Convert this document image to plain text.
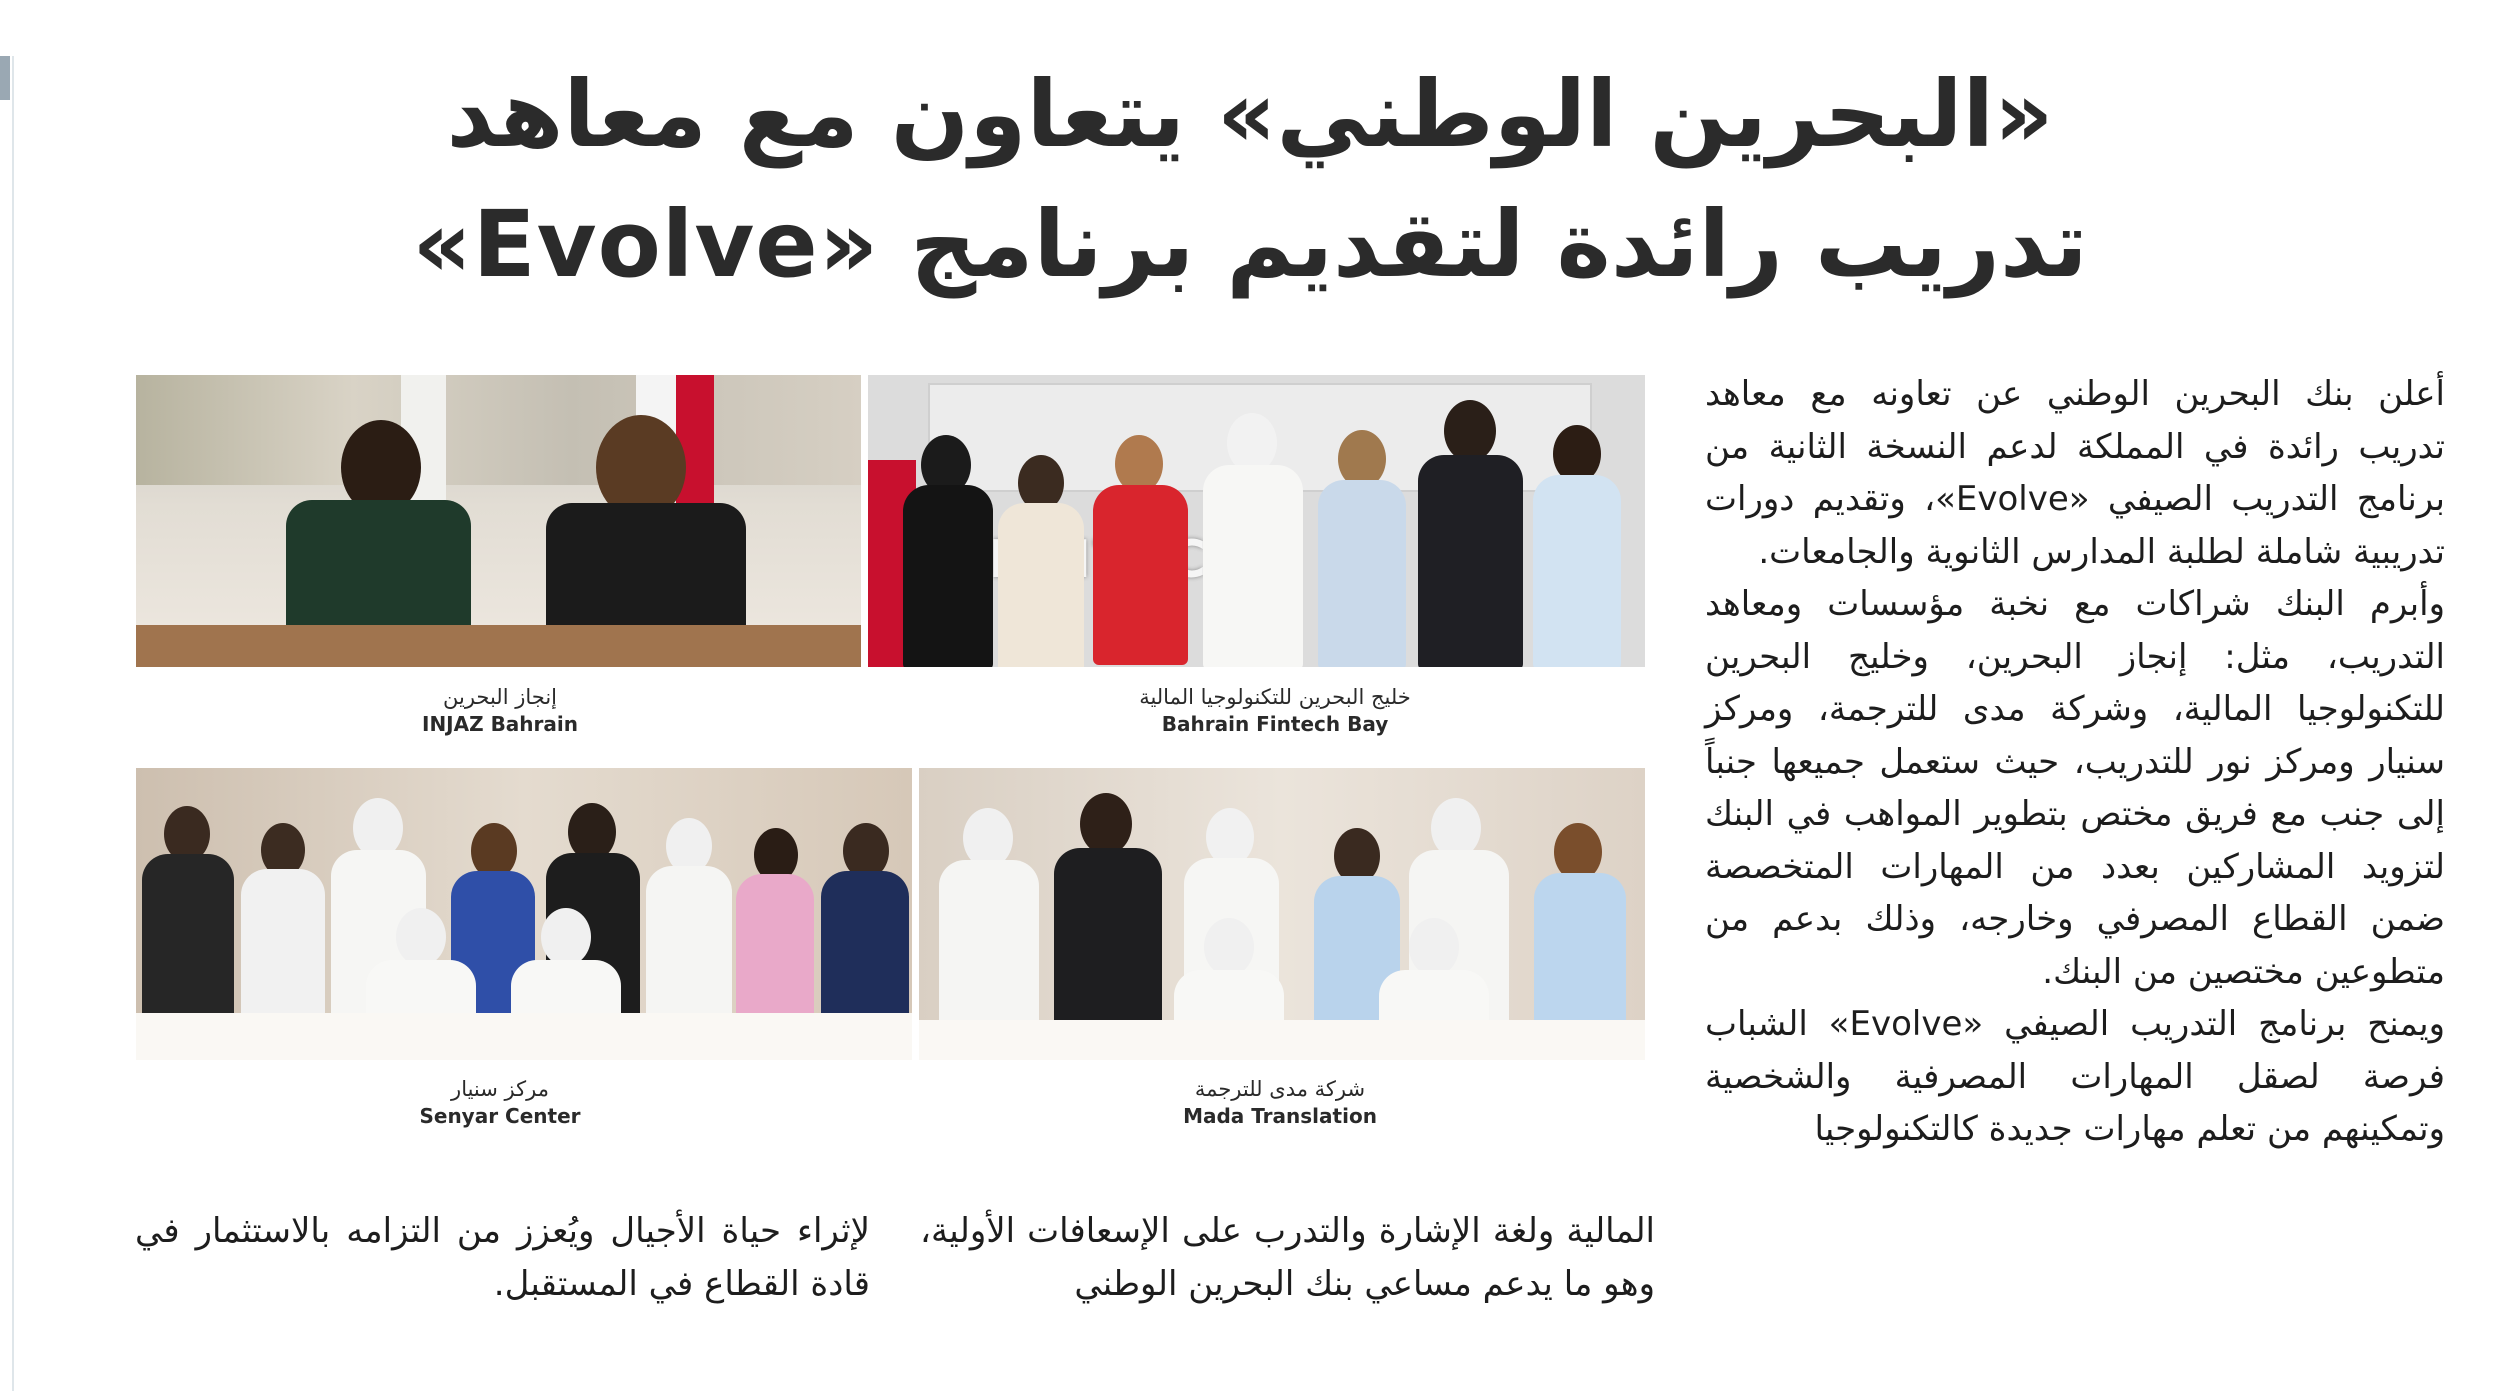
«البحرين الوطني» يتعاون مع معاهد
تدريب رائدة لتقديم برنامج «Evolve»
إنجاز البحرين
INJAZ Bahrain
خليج البحرين للتكنولوجيا المالية
Bahrain Fintech Bay
مركز سنيار
Senyar Center
شركة مدى للترجمة
Mada Translation

أعلن بنك البحرين الوطني عن تعاونه مع معاهد تدريب رائدة في المملكة لدعم النسخة الثانية من برنامج التدريب الصيفي «Evolve»، وتقديم دورات تدريبية شاملة لطلبة المدارس الثانوية والجامعات.

وأبرم البنك شراكات مع نخبة مؤسسات ومعاهد التدريب، مثل: إنجاز البحرين، وخليج البحرين للتكنولوجيا المالية، وشركة مدى للترجمة، ومركز سنيار ومركز نور للتدريب، حيث ستعمل جميعها جنباً إلى جنب مع فريق مختص بتطوير المواهب في البنك لتزويد المشاركين بعدد من المهارات المتخصصة ضمن القطاع المصرفي وخارجه، وذلك بدعم من متطوعين مختصين من البنك.

ويمنح برنامج التدريب الصيفي «Evolve» الشباب فرصة لصقل المهارات المصرفية والشخصية وتمكينهم من تعلم مهارات جديدة كالتكنولوجيا

المالية ولغة الإشارة والتدرب على الإسعافات الأولية، وهو ما يدعم مساعي بنك البحرين الوطني

لإثراء حياة الأجيال ويُعزز من التزامه بالاستثمار في قادة القطاع في المستقبل.
